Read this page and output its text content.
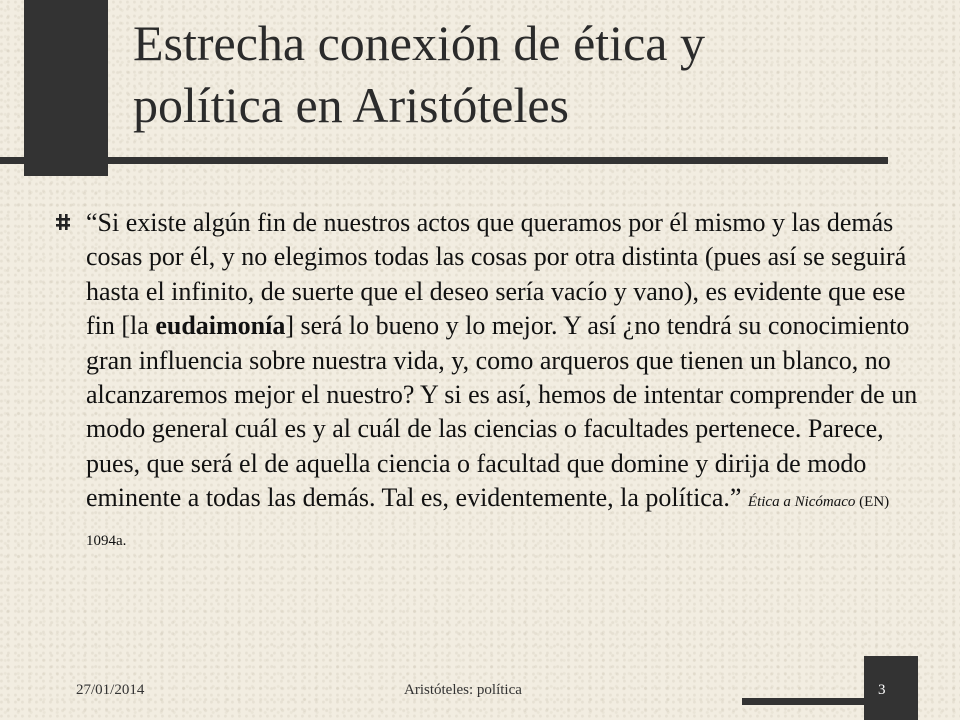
Estrecha conexión de ética y
política en Aristóteles

“Si existe algún fin de nuestros actos que queramos por él mismo y las demás cosas por él, y no elegimos todas las cosas por otra distinta (pues así se seguirá hasta el infinito, de suerte que el deseo sería vacío y vano), es evidente que ese fin [la eudaimonía] será lo bueno y lo mejor. Y así ¿no tendrá su conocimiento gran influencia sobre nuestra vida, y, como arqueros que tienen un blanco, no alcanzaremos mejor el nuestro? Y si es así, hemos de intentar comprender de un modo general cuál es y al cuál de las ciencias o facultades pertenece. Parece, pues, que será el de aquella ciencia o facultad que domine y dirija de modo eminente a todas las demás. Tal es, evidentemente, la política.” Ética a Nicómaco (EN) 1094a.

27/01/2014	Aristóteles: política	3
